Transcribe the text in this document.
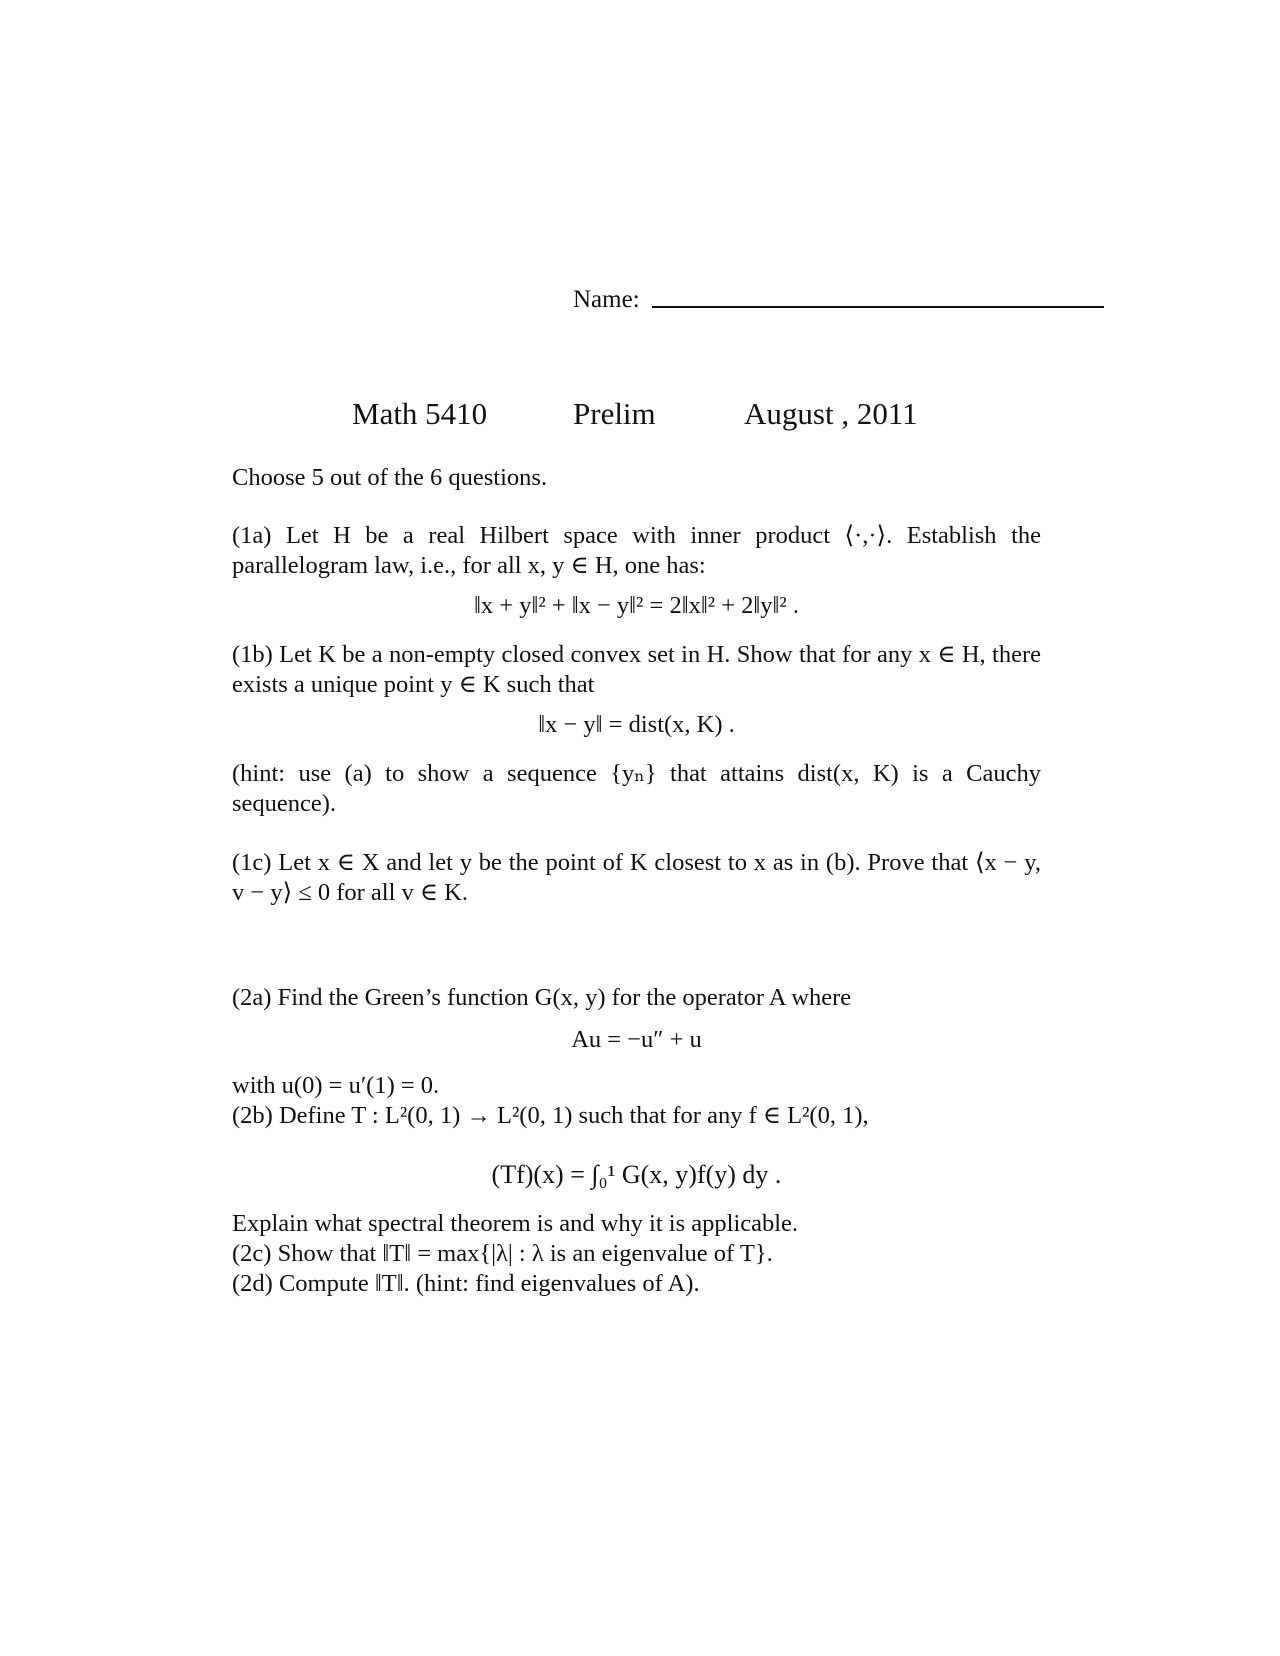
Name:
Math 5410	Prelim	August , 2011
Choose 5 out of the 6 questions.
(1a) Let H be a real Hilbert space with inner product ⟨·,·⟩. Establish the parallelogram law, i.e., for all x, y ∈ H, one has:
‖x + y‖² + ‖x − y‖² = 2‖x‖² + 2‖y‖² .
(1b) Let K be a non-empty closed convex set in H. Show that for any x ∈ H, there exists a unique point y ∈ K such that
‖x − y‖ = dist(x, K) .
(hint: use (a) to show a sequence {yₙ} that attains dist(x, K) is a Cauchy sequence).
(1c) Let x ∈ X and let y be the point of K closest to x as in (b). Prove that ⟨x − y, v − y⟩ ≤ 0 for all v ∈ K.
(2a) Find the Green’s function G(x, y) for the operator A where
Au = −u″ + u
with u(0) = u′(1) = 0.
(2b) Define T : L²(0, 1) → L²(0, 1) such that for any f ∈ L²(0, 1),
(Tf)(x) = ∫₀¹ G(x, y)f(y) dy .
Explain what spectral theorem is and why it is applicable.
(2c) Show that ‖T‖ = max{|λ| : λ is an eigenvalue of T}.
(2d) Compute ‖T‖. (hint: find eigenvalues of A).
